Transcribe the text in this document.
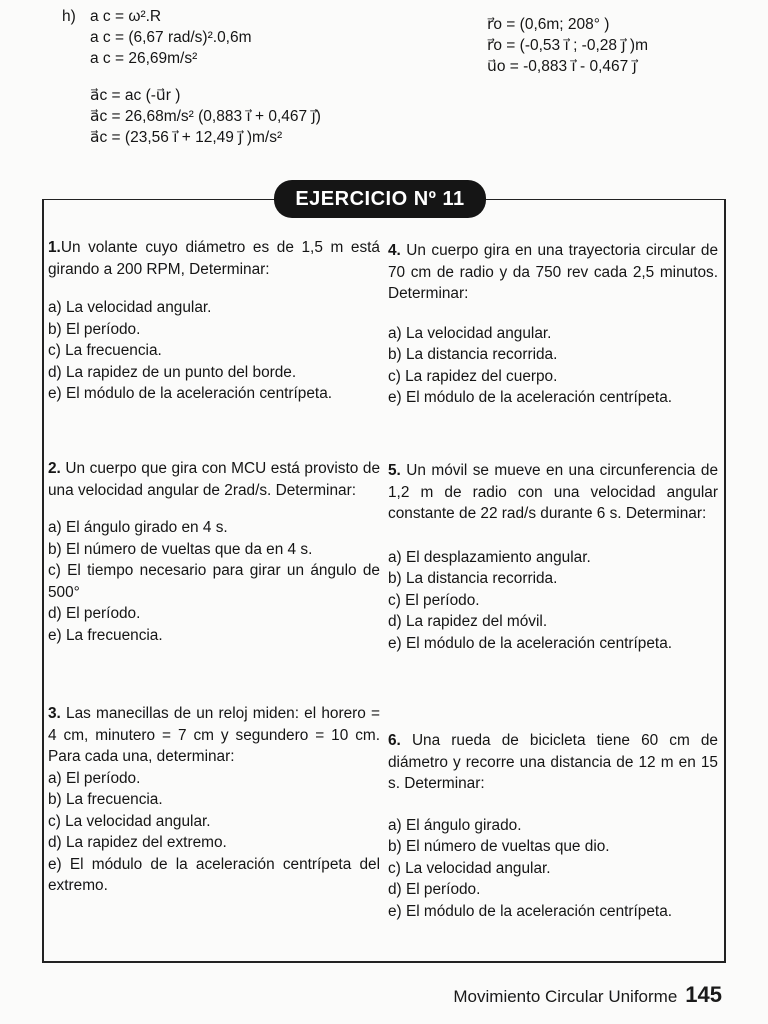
h) a c = ω².R
a c = (6,67 rad/s)².0,6m
a c = 26,69m/s²
a⃗c = ac (-u⃗r )
a⃗c = 26,68m/s² (0,883 i⃗ + 0,467 j⃗)
a⃗c = (23,56 i⃗ + 12,49 j⃗ )m/s²
r⃗o = (0,6m; 208° )
r⃗o = (-0,53 i⃗ ; -0,28 j⃗ )m
u⃗o = -0,883 i⃗ - 0,467 j⃗
EJERCICIO Nº 11
1.Un volante cuyo diámetro es de 1,5 m está girando a 200 RPM, Determinar:
a) La velocidad angular.
b) El período.
c) La frecuencia.
d) La rapidez de un punto del borde.
e) El módulo de la aceleración centrípeta.
2. Un cuerpo que gira con MCU está provisto de una velocidad angular de 2rad/s. Determinar:
a) El ángulo girado en 4 s.
b) El número de vueltas que da en 4 s.
c) El tiempo necesario para girar un ángulo de 500°
d) El período.
e) La frecuencia.
3. Las manecillas de un reloj miden: el horero = 4 cm, minutero = 7 cm y segundero = 10 cm. Para cada una, determinar:
a) El período.
b) La frecuencia.
c) La velocidad angular.
d) La rapidez del extremo.
e) El módulo de la aceleración centrípeta del extremo.
4. Un cuerpo gira en una trayectoria circular de 70 cm de radio y da 750 rev cada 2,5 minutos. Determinar:
a) La velocidad angular.
b) La distancia recorrida.
c) La rapidez del cuerpo.
e) El módulo de la aceleración centrípeta.
5. Un móvil se mueve en una circunferencia de 1,2 m de radio con una velocidad angular constante de 22 rad/s durante 6 s. Determinar:
a) El desplazamiento angular.
b) La distancia recorrida.
c) El período.
d) La rapidez del móvil.
e) El módulo de la aceleración centrípeta.
6. Una rueda de bicicleta tiene 60 cm de diámetro y recorre una distancia de 12 m en 15 s. Determinar:
a) El ángulo girado.
b) El número de vueltas que dio.
c) La velocidad angular.
d) El período.
e) El módulo de la aceleración centrípeta.
Movimiento Circular Uniforme 145
